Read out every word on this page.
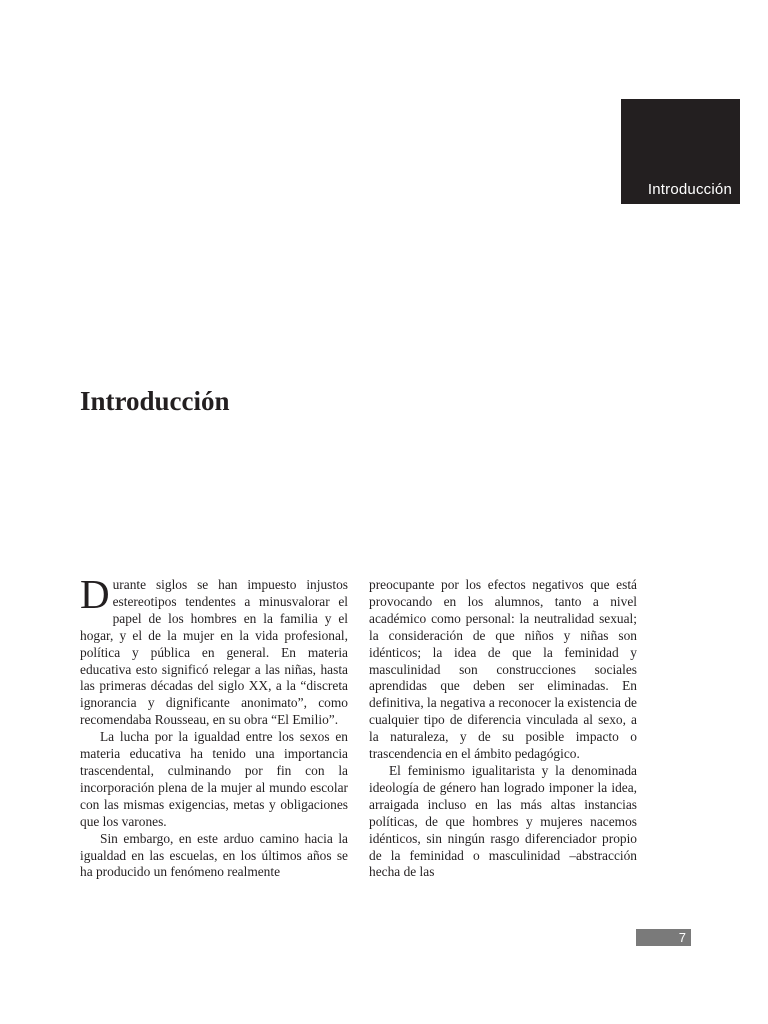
Introducción
Introducción

Durante siglos se han impuesto injustos estereotipos tendentes a minusvalorar el papel de los hombres en la familia y el hogar, y el de la mujer en la vida profesional, política y pública en general. En materia educativa esto significó relegar a las niñas, hasta las primeras décadas del siglo XX, a la “discreta ignorancia y dignificante anonimato”, como recomendaba Rousseau, en su obra “El Emilio”.

La lucha por la igualdad entre los sexos en materia educativa ha tenido una importancia trascendental, culminando por fin con la incorporación plena de la mujer al mundo escolar con las mismas exigencias, metas y obligaciones que los varones.

Sin embargo, en este arduo camino hacia la igualdad en las escuelas, en los últimos años se ha producido un fenómeno realmente

preocupante por los efectos negativos que está provocando en los alumnos, tanto a nivel académico como personal: la neutralidad sexual; la consideración de que niños y niñas son idénticos; la idea de que la feminidad y masculinidad son construcciones sociales aprendidas que deben ser eliminadas. En definitiva, la negativa a reconocer la existencia de cualquier tipo de diferencia vinculada al sexo, a la naturaleza, y de su posible impacto o trascendencia en el ámbito pedagógico.

El feminismo igualitarista y la denominada ideología de género han logrado imponer la idea, arraigada incluso en las más altas instancias políticas, de que hombres y mujeres nacemos idénticos, sin ningún rasgo diferenciador propio de la feminidad o masculinidad –abstracción hecha de las

7
